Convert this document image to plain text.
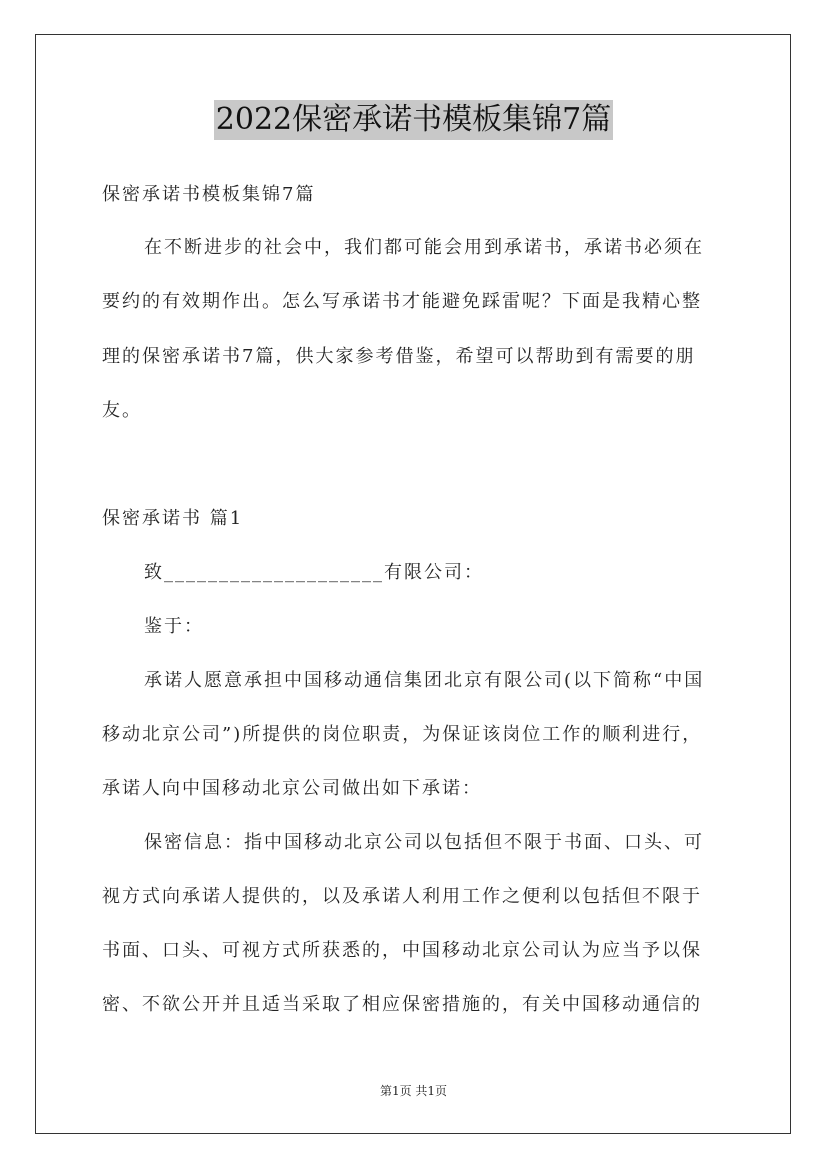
2022保密承诺书模板集锦7篇
保密承诺书模板集锦7篇
在不断进步的社会中，我们都可能会用到承诺书，承诺书必须在
要约的有效期作出。怎么写承诺书才能避免踩雷呢？下面是我精心整
理的保密承诺书7篇，供大家参考借鉴，希望可以帮助到有需要的朋
友。
保密承诺书 篇1
致____________________有限公司：
鉴于：
承诺人愿意承担中国移动通信集团北京有限公司(以下简称“中国
移动北京公司”)所提供的岗位职责，为保证该岗位工作的顺利进行，
承诺人向中国移动北京公司做出如下承诺：
保密信息：指中国移动北京公司以包括但不限于书面、口头、可
视方式向承诺人提供的，以及承诺人利用工作之便利以包括但不限于
书面、口头、可视方式所获悉的，中国移动北京公司认为应当予以保
密、不欲公开并且适当采取了相应保密措施的，有关中国移动通信的
第1页 共1页
